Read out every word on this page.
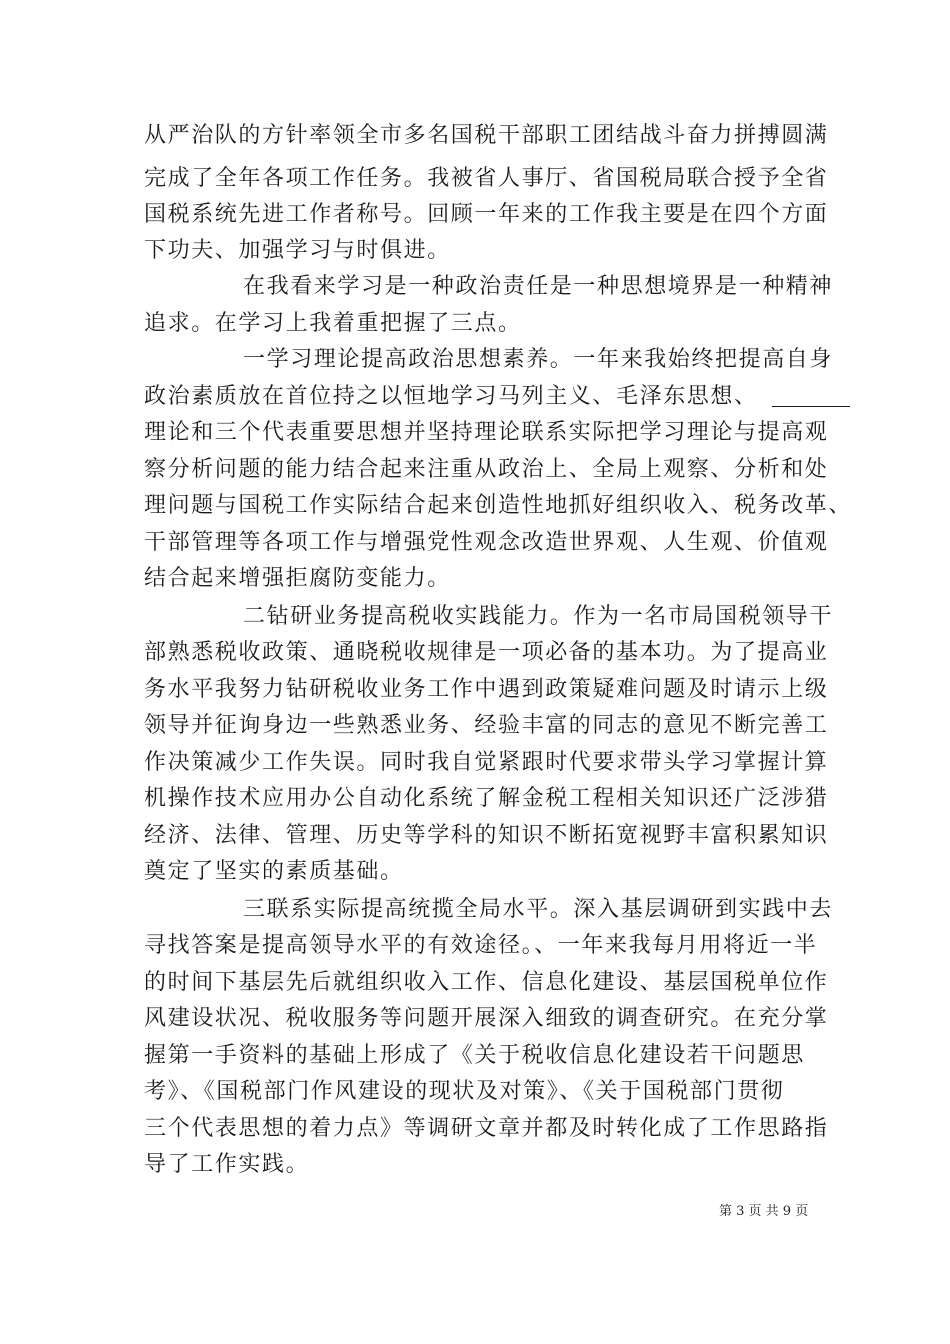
从严治队的方针率领全市多名国税干部职工团结战斗奋力拼搏圆满
完成了全年各项工作任务。我被省人事厅、省国税局联合授予全省
国税系统先进工作者称号。回顾一年来的工作我主要是在四个方面
下功夫、加强学习与时俱进。
在我看来学习是一种政治责任是一种思想境界是一种精神
追求。在学习上我着重把握了三点。
一学习理论提高政治思想素养。一年来我始终把提高自身
政治素质放在首位持之以恒地学习马列主义、毛泽东思想、
理论和三个代表重要思想并坚持理论联系实际把学习理论与提高观
察分析问题的能力结合起来注重从政治上、全局上观察、分析和处
理问题与国税工作实际结合起来创造性地抓好组织收入、税务改革、
干部管理等各项工作与增强党性观念改造世界观、人生观、价值观
结合起来增强拒腐防变能力。
二钻研业务提高税收实践能力。作为一名市局国税领导干
部熟悉税收政策、通晓税收规律是一项必备的基本功。为了提高业
务水平我努力钻研税收业务工作中遇到政策疑难问题及时请示上级
领导并征询身边一些熟悉业务、经验丰富的同志的意见不断完善工
作决策减少工作失误。同时我自觉紧跟时代要求带头学习掌握计算
机操作技术应用办公自动化系统了解金税工程相关知识还广泛涉猎
经济、法律、管理、历史等学科的知识不断拓宽视野丰富积累知识
奠定了坚实的素质基础。
三联系实际提高统揽全局水平。深入基层调研到实践中去
寻找答案是提高领导水平的有效途径。、一年来我每月用将近一半
的时间下基层先后就组织收入工作、信息化建设、基层国税单位作
风建设状况、税收服务等问题开展深入细致的调查研究。在充分掌
握第一手资料的基础上形成了《关于税收信息化建设若干问题思
考》、《国税部门作风建设的现状及对策》、《关于国税部门贯彻
三个代表思想的着力点》等调研文章并都及时转化成了工作思路指
导了工作实践。
第 3 页 共 9 页
